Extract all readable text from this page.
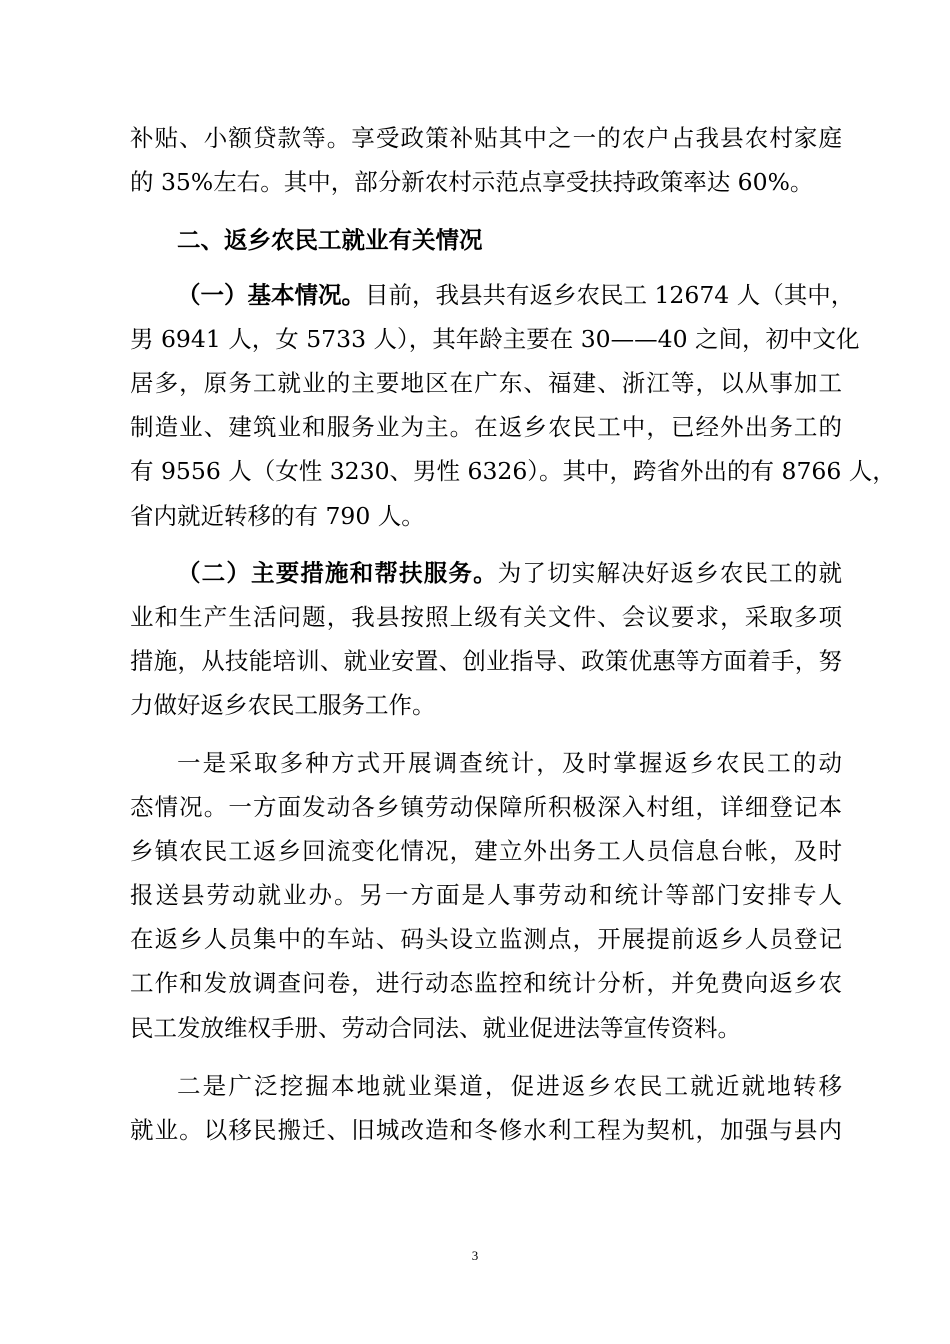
补贴、小额贷款等。享受政策补贴其中之一的农户占我县农村家庭
的 35%左右。其中，部分新农村示范点享受扶持政策率达 60%。
二、返乡农民工就业有关情况
（一）基本情况。目前，我县共有返乡农民工 12674 人（其中，
男 6941 人，女 5733 人），其年龄主要在 30——40 之间，初中文化
居多，原务工就业的主要地区在广东、福建、浙江等，以从事加工
制造业、建筑业和服务业为主。在返乡农民工中，已经外出务工的
有 9556 人（女性 3230、男性 6326）。其中，跨省外出的有 8766 人，
省内就近转移的有 790 人。
（二）主要措施和帮扶服务。为了切实解决好返乡农民工的就
业和生产生活问题，我县按照上级有关文件、会议要求，采取多项
措施，从技能培训、就业安置、创业指导、政策优惠等方面着手，努
力做好返乡农民工服务工作。
一是采取多种方式开展调查统计，及时掌握返乡农民工的动
态情况。一方面发动各乡镇劳动保障所积极深入村组，详细登记本
乡镇农民工返乡回流变化情况，建立外出务工人员信息台帐，及时
报送县劳动就业办。另一方面是人事劳动和统计等部门安排专人
在返乡人员集中的车站、码头设立监测点，开展提前返乡人员登记
工作和发放调查问卷，进行动态监控和统计分析，并免费向返乡农
民工发放维权手册、劳动合同法、就业促进法等宣传资料。
二是广泛挖掘本地就业渠道，促进返乡农民工就近就地转移
就业。以移民搬迁、旧城改造和冬修水利工程为契机，加强与县内
3
